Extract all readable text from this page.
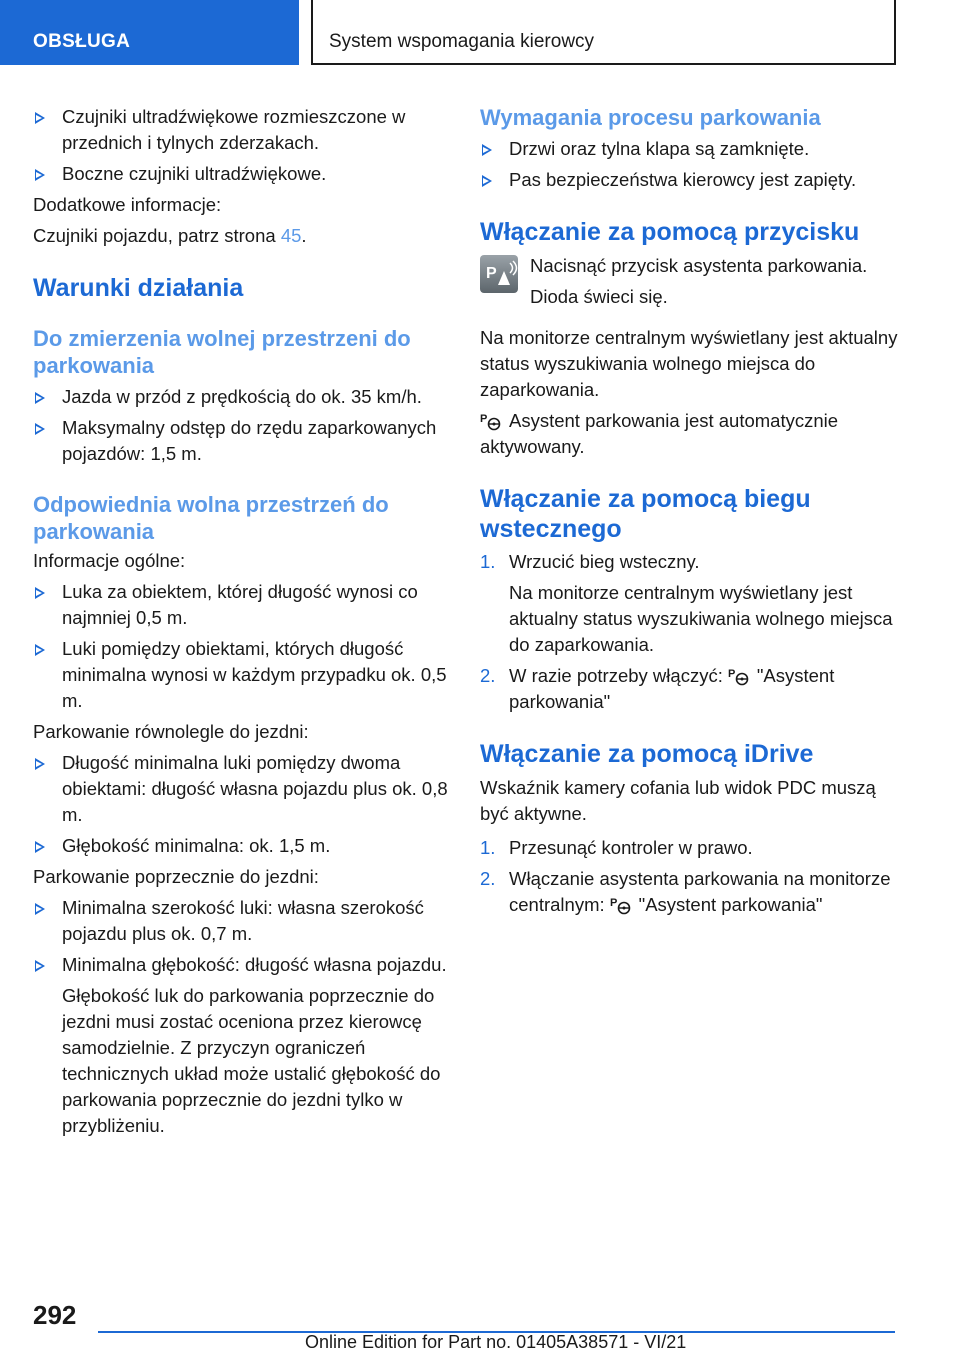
OBSŁUGA	System wspomagania kierowcy
Czujniki ultradźwiękowe rozmieszczone w przednich i tylnych zderzakach.
Boczne czujniki ultradźwiękowe.

Dodatkowe informacje:

Czujniki pojazdu, patrz strona 45.

Warunki działania
Do zmierzenia wolnej przestrzeni do parkowania
Jazda w przód z prędkością do ok. 35 km/h.
Maksymalny odstęp do rzędu zaparkowanych pojazdów: 1,5 m.
Odpowiednia wolna przestrzeń do parkowania

Informacje ogólne:

Luka za obiektem, której długość wynosi co najmniej 0,5 m.
Luki pomiędzy obiektami, których długość minimalna wynosi w każdym przypadku ok. 0,5 m.

Parkowanie równolegle do jezdni:

Długość minimalna luki pomiędzy dwoma obiektami: długość własna pojazdu plus ok. 0,8 m.
Głębokość minimalna: ok. 1,5 m.

Parkowanie poprzecznie do jezdni:

Minimalna szerokość luki: własna szerokość pojazdu plus ok. 0,7 m.
Minimalna głębokość: długość własna pojazdu.

Głębokość luk do parkowania poprzecznie do jezdni musi zostać oceniona przez kierowcę samodzielnie. Z przyczyn ograniczeń technicznych układ może ustalić głębokość do parkowania poprzecznie do jezdni tylko w przybliżeniu.

Wymagania procesu parkowania
Drzwi oraz tylna klapa są zamknięte.
Pas bezpieczeństwa kierowcy jest zapięty.
Włączanie za pomocą przycisku
P Nacisnąć przycisk asystenta parkowania.

Dioda świeci się.

Na monitorze centralnym wyświetlany jest aktualny status wyszukiwania wolnego miejsca do zaparkowania.

P Asystent parkowania jest automatycznie aktywowany.

Włączanie za pomocą biegu wstecznego
1. Wrzucić bieg wsteczny.

Na monitorze centralnym wyświetlany jest aktualny status wyszukiwania wolnego miejsca do zaparkowania.

2. W razie potrzeby włączyć: P "Asystent parkowania"
Włączanie za pomocą iDrive

Wskaźnik kamery cofania lub widok PDC muszą być aktywne.

1. Przesunąć kontroler w prawo.
2. Włączanie asystenta parkowania na monitorze centralnym: P "Asystent parkowania"
292
Online Edition for Part no. 01405A38571 - VI/21
